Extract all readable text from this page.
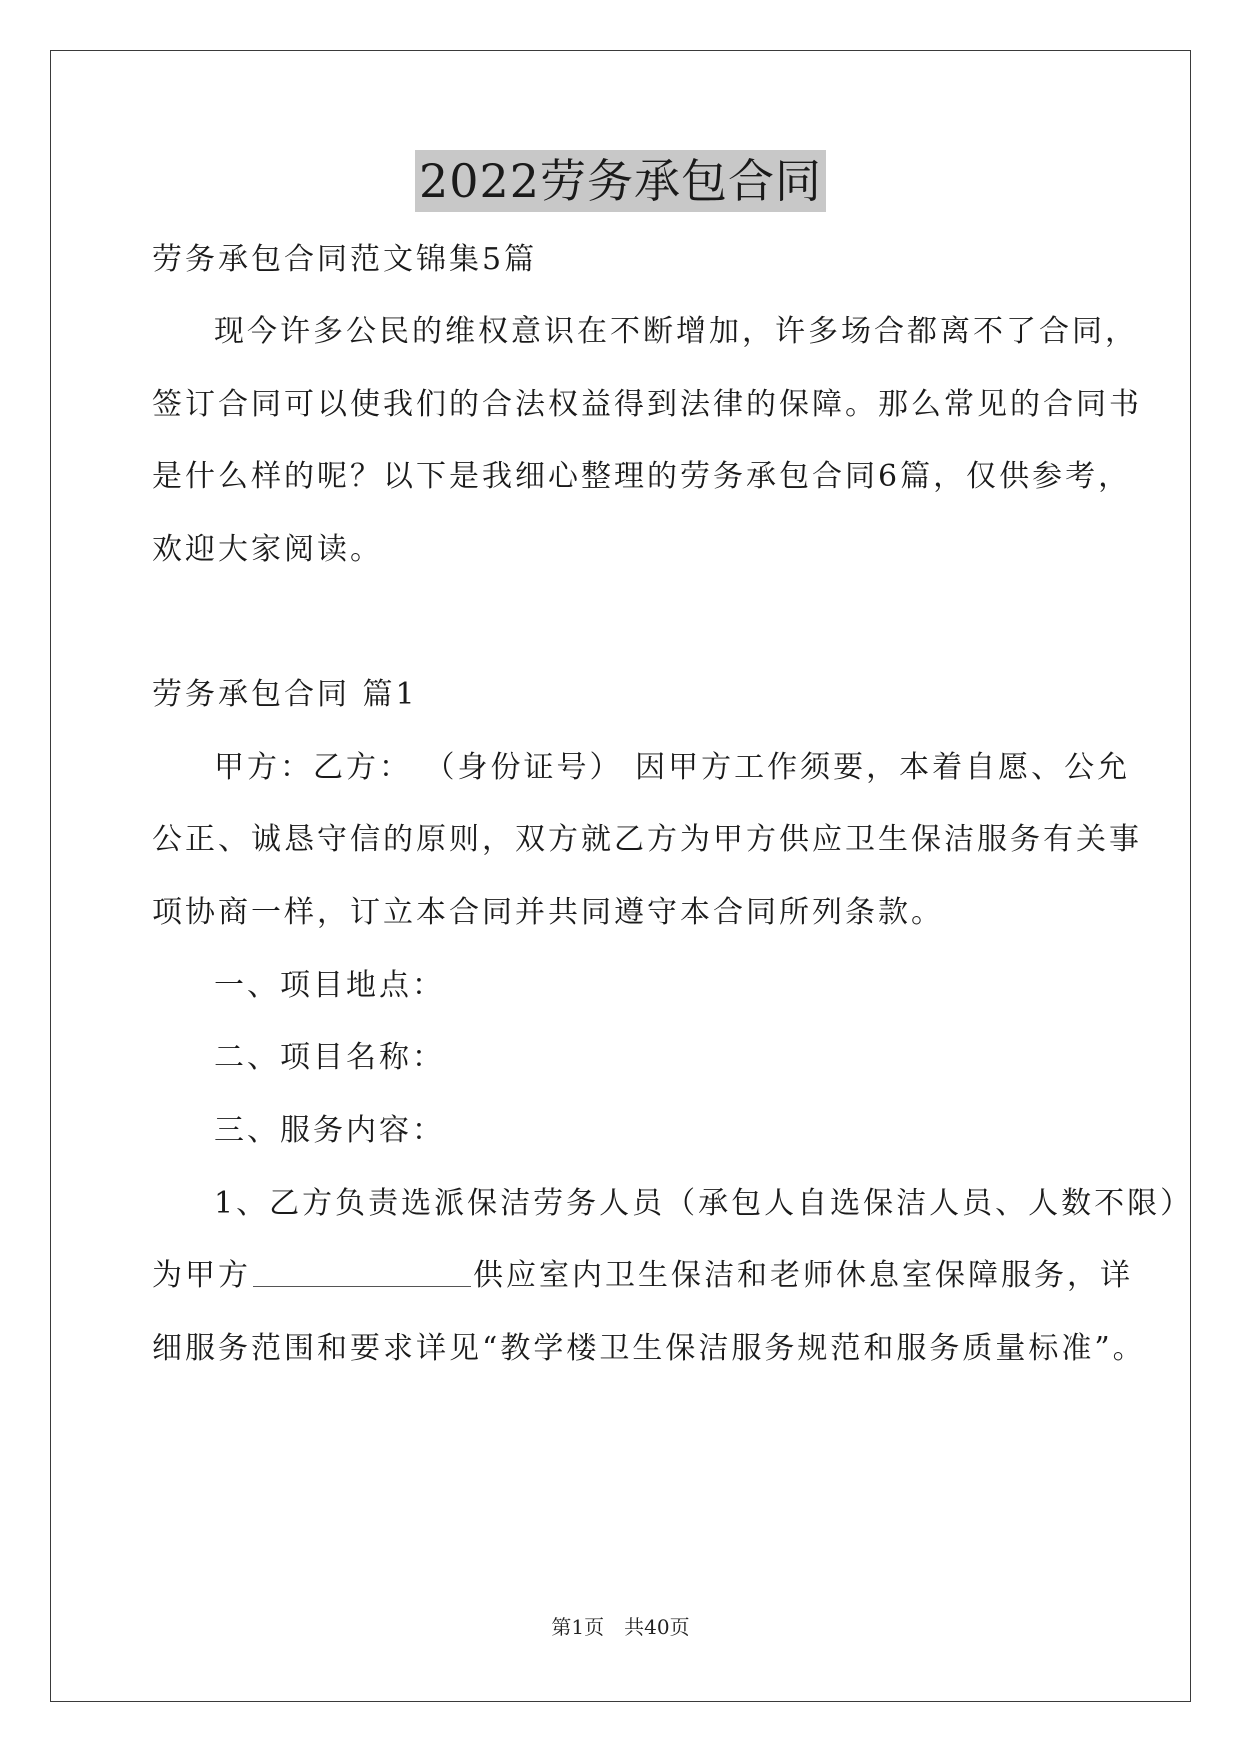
2022劳务承包合同
劳务承包合同范文锦集5篇
现今许多公民的维权意识在不断增加，许多场合都离不了合同，
签订合同可以使我们的合法权益得到法律的保障。那么常见的合同书
是什么样的呢？以下是我细心整理的劳务承包合同6篇，仅供参考，
欢迎大家阅读。
劳务承包合同 篇1
甲方：乙方： （身份证号） 因甲方工作须要，本着自愿、公允
公正、诚恳守信的原则，双方就乙方为甲方供应卫生保洁服务有关事
项协商一样，订立本合同并共同遵守本合同所列条款。
一、项目地点：
二、项目名称：
三、服务内容：
1、乙方负责选派保洁劳务人员（承包人自选保洁人员、人数不限）
为甲方	供应室内卫生保洁和老师休息室保障服务，详
细服务范围和要求详见“教学楼卫生保洁服务规范和服务质量标准”。
第1页　共40页
